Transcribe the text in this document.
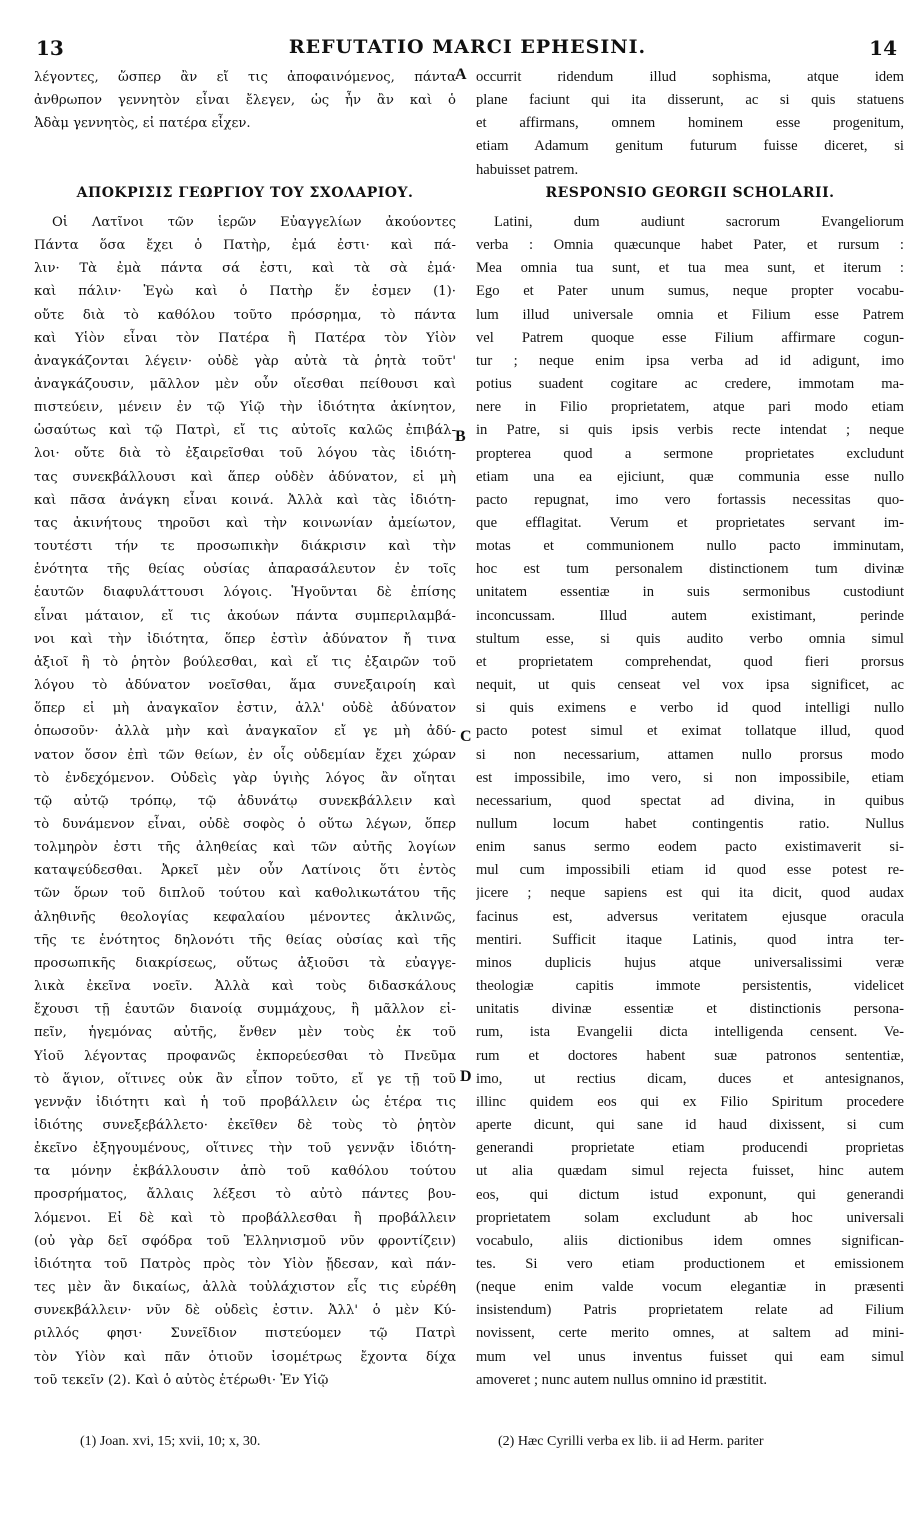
13	REFUTATIO MARCI EPHESINI.	14
λέγοντες, ὥσπερ ἂν εἴ τις ἀποφαινόμενος, πάντα
ἀνθρωπον γεννητὸν εἶναι ἔλεγεν, ὡς ἦν ἂν καὶ ὁ
Ἀδὰμ γεννητὸς, εἰ πατέρα εἶχεν.
ΑΠΟΚΡΙΣΙΣ ΓΕΩΡΓΙΟΥ ΤΟΥ ΣΧΟΛΑΡΙΟΥ.
Οἱ Λατῖνοι τῶν ἱερῶν Εὐαγγελίων ἀκούοντες
Πάντα ὅσα ἔχει ὁ Πατὴρ, ἐμά ἐστι· καὶ πά-
λιν· Τὰ ἐμὰ πάντα σά ἐστι, καὶ τὰ σὰ ἐμά·
καὶ πάλιν· Ἐγὼ καὶ ὁ Πατὴρ ἕν ἐσμεν (1)·
οὔτε διὰ τὸ καθόλου τοῦτο πρόσρημα, τὸ πάντα
καὶ Υἱὸν εἶναι τὸν Πατέρα ἢ Πατέρα τὸν Υἱὸν
ἀναγκάζονται λέγειν· οὐδὲ γὰρ αὐτὰ τὰ ῥητὰ τοῦτ'
ἀναγκάζουσιν, μᾶλλον μὲν οὖν οἴεσθαι πείθουσι καὶ
πιστεύειν, μένειν ἐν τῷ Υἱῷ τὴν ἰδιότητα ἀκίνητον,
ὡσαύτως καὶ τῷ Πατρὶ, εἴ τις αὐτοῖς καλῶς ἐπιβάλ-
λοι· οὔτε διὰ τὸ ἐξαιρεῖσθαι τοῦ λόγου τὰς ἰδιότη-
τας συνεκβάλλουσι καὶ ἅπερ οὐδὲν ἀδύνατον, εἰ μὴ
καὶ πᾶσα ἀνάγκη εἶναι κοινά. Ἀλλὰ καὶ τὰς ἰδιότη-
τας ἀκινήτους τηροῦσι καὶ τὴν κοινωνίαν ἀμείωτον,
τουτέστι τήν τε προσωπικὴν διάκρισιν καὶ τὴν
ἑνότητα τῆς θείας οὐσίας ἀπαρασάλευτον ἐν τοῖς
ἑαυτῶν διαφυλάττουσι λόγοις. Ἡγοῦνται δὲ ἐπίσης
εἶναι μάταιον, εἴ τις ἀκούων πάντα συμπεριλαμβά-
νοι καὶ τὴν ἰδιότητα, ὅπερ ἐστὶν ἀδύνατον ἤ τινα
ἀξιοῖ ἢ τὸ ῥητὸν βούλεσθαι, καὶ εἴ τις ἐξαιρῶν τοῦ
λόγου τὸ ἀδύνατον νοεῖσθαι, ἅμα συνεξαιροίη καὶ
ὅπερ εἰ μὴ ἀναγκαῖον ἐστιν, ἀλλ' οὐδὲ ἀδύνατον
ὁπωσοῦν· ἀλλὰ μὴν καὶ ἀναγκαῖον εἴ γε μὴ ἀδύ-
νατον ὅσον ἐπὶ τῶν θείων, ἐν οἷς οὐδεμίαν ἔχει χώραν
τὸ ἐνδεχόμενον. Οὐδεὶς γὰρ ὑγιὴς λόγος ἂν οἴηται
τῷ αὐτῷ τρόπῳ, τῷ ἀδυνάτῳ συνεκβάλλειν καὶ
τὸ δυνάμενον εἶναι, οὐδὲ σοφὸς ὁ οὕτω λέγων, ὅπερ
τολμηρὸν ἐστι τῆς ἀληθείας καὶ τῶν αὐτῆς λογίων
καταψεύδεσθαι. Ἀρκεῖ μὲν οὖν Λατίνοις ὅτι ἐντὸς
τῶν ὅρων τοῦ διπλοῦ τούτου καὶ καθολικωτάτου τῆς
ἀληθινῆς θεολογίας κεφαλαίου μένοντες ἀκλινῶς,
τῆς τε ἑνότητος δηλονότι τῆς θείας οὐσίας καὶ τῆς
προσωπικῆς διακρίσεως, οὕτως ἀξιοῦσι τὰ εὐαγγε-
λικὰ ἐκεῖνα νοεῖν. Ἀλλὰ καὶ τοὺς διδασκάλους
ἔχουσι τῇ ἑαυτῶν διανοίᾳ συμμάχους, ἢ μᾶλλον εἰ-
πεῖν, ἡγεμόνας αὐτῆς, ἔνθεν μὲν τοὺς ἐκ τοῦ
Υἱοῦ λέγοντας προφανῶς ἐκπορεύεσθαι τὸ Πνεῦμα
τὸ ἅγιον, οἵτινες οὐκ ἂν εἶπον τοῦτο, εἴ γε τῇ τοῦ
γεννᾷν ἰδιότητι καὶ ἡ τοῦ προβάλλειν ὡς ἑτέρα τις
ἰδιότης συνεξεβάλλετο· ἐκεῖθεν δὲ τοὺς τὸ ῥητὸν
ἐκεῖνο ἐξηγουμένους, οἵτινες τὴν τοῦ γεννᾷν ἰδιότη-
τα μόνην ἐκβάλλουσιν ἀπὸ τοῦ καθόλου τούτου
προσρήματος, ἄλλαις λέξεσι τὸ αὐτὸ πάντες βου-
λόμενοι. Εἰ δὲ καὶ τὸ προβάλλεσθαι ἢ προβάλλειν
(οὐ γὰρ δεῖ σφόδρα τοῦ Ἑλληνισμοῦ νῦν φροντίζειν)
ἰδιότητα τοῦ Πατρὸς πρὸς τὸν Υἱὸν ᾔδεσαν, καὶ πάν-
τες μὲν ἂν δικαίως, ἀλλὰ τοὐλάχιστον εἷς τις εὑρέθη
συνεκβάλλειν· νῦν δὲ οὐδεὶς ἐστιν. Ἀλλ' ὁ μὲν Κύ-
ριλλός φησι· Συνεῖδιον πιστεύομεν τῷ Πατρὶ
τὸν Υἱὸν καὶ πᾶν ὁτιοῦν ἰσομέτρως ἔχοντα δίχα
τοῦ τεκεῖν (2). Καὶ ὁ αὐτὸς ἑτέρωθι· Ἐν Υἱῷ
occurrit ridendum illud sophisma, atque idem
plane faciunt qui ita disserunt, ac si quis statuens
et affirmans, omnem hominem esse progenitum,
etiam Adamum genitum futurum fuisse diceret, si
habuisset patrem.
RESPONSIO GEORGII SCHOLARII.
Latini, dum audiunt sacrorum Evangeliorum
verba : Omnia quæcunque habet Pater, et rursum :
Mea omnia tua sunt, et tua mea sunt, et iterum :
Ego et Pater unum sumus, neque propter vocabu-
lum illud universale omnia et Filium esse Patrem
vel Patrem quoque esse Filium affirmare cogun-
tur ; neque enim ipsa verba ad id adigunt, imo
potius suadent cogitare ac credere, immotam ma-
nere in Filio proprietatem, atque pari modo etiam
in Patre, si quis ipsis verbis recte intendat ; neque
propterea quod a sermone proprietates excludunt
etiam una ea ejiciunt, quæ communia esse nullo
pacto repugnat, imo vero fortassis necessitas quo-
que efflagitat. Verum et proprietates servant im-
motas et communionem nullo pacto imminutam,
hoc est tum personalem distinctionem tum divinæ
unitatem essentiæ in suis sermonibus custodiunt
inconcussam. Illud autem existimant, perinde
stultum esse, si quis audito verbo omnia simul
et proprietatem comprehendat, quod fieri prorsus
nequit, ut quis censeat vel vox ipsa significet, ac
si quis eximens e verbo id quod intelligi nullo
pacto potest simul et eximat tollatque illud, quod
si non necessarium, attamen nullo prorsus modo
est impossibile, imo vero, si non impossibile, etiam
necessarium, quod spectat ad divina, in quibus
nullum locum habet contingentis ratio. Nullus
enim sanus sermo eodem pacto existimaverit si-
mul cum impossibili etiam id quod esse potest re-
jicere ; neque sapiens est qui ita dicit, quod audax
facinus est, adversus veritatem ejusque oracula
mentiri. Sufficit itaque Latinis, quod intra ter-
minos duplicis hujus atque universalissimi veræ
theologiæ capitis immote persistentis, videlicet
unitatis divinæ essentiæ et distinctionis persona-
rum, ista Evangelii dicta intelligenda censent. Ve-
rum et doctores habent suæ patronos sententiæ,
imo, ut rectius dicam, duces et antesignanos,
illinc quidem eos qui ex Filio Spiritum procedere
aperte dicunt, qui sane id haud dixissent, si cum
generandi proprietate etiam producendi proprietas
ut alia quædam simul rejecta fuisset, hinc autem
eos, qui dictum istud exponunt, qui generandi
proprietatem solam excludunt ab hoc universali
vocabulo, aliis dictionibus idem omnes significan-
tes. Si vero etiam productionem et emissionem
(neque enim valde vocum elegantiæ in præsenti
insistendum) Patris proprietatem relate ad Filium
novissent, certe merito omnes, at saltem ad mini-
mum vel unus inventus fuisset qui eam simul
amoveret ; nunc autem nullus omnino id præstitit.
A
B
C
D
(1) Joan. xvi, 15; xvii, 10; x, 30.	(2) Hæc Cyrilli verba ex lib. ii ad Herm. pariter
